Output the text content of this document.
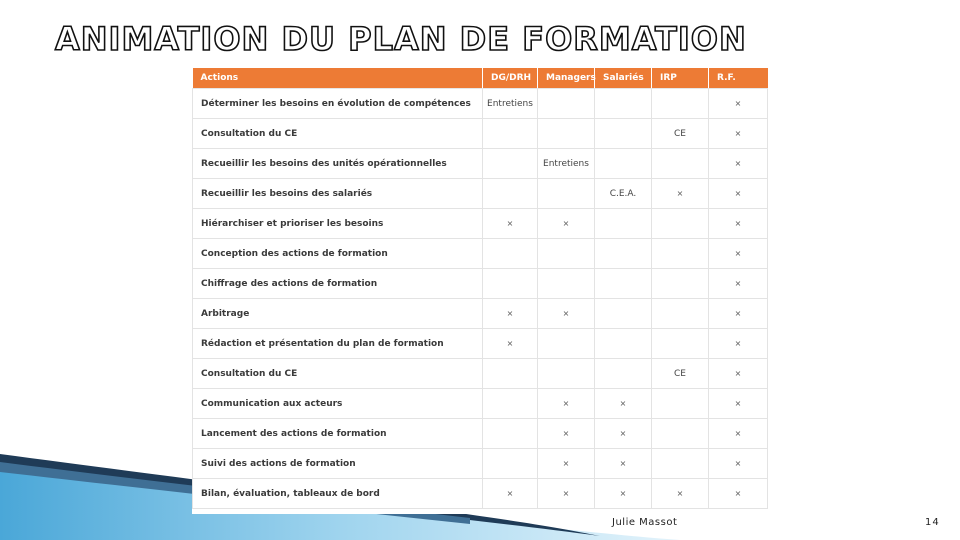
ANIMATION DU PLAN DE FORMATION
Actions	DG/DRH	Managers	Salariés	IRP	R.F.
Déterminer les besoins en évolution de compétences	Entretiens				×
Consultation du CE				CE	×
Recueillir les besoins des unités opérationnelles		Entretiens			×
Recueillir les besoins des salariés			C.E.A.	×	×
Hiérarchiser et prioriser les besoins	×	×			×
Conception des actions de formation					×
Chiffrage des actions de formation					×
Arbitrage	×	×			×
Rédaction et présentation du plan de formation	×				×
Consultation du CE				CE	×
Communication aux acteurs		×	×		×
Lancement des actions de formation		×	×		×
Suivi des actions de formation		×	×		×
Bilan, évaluation, tableaux de bord	×	×	×	×	×
Julie Massot	14
